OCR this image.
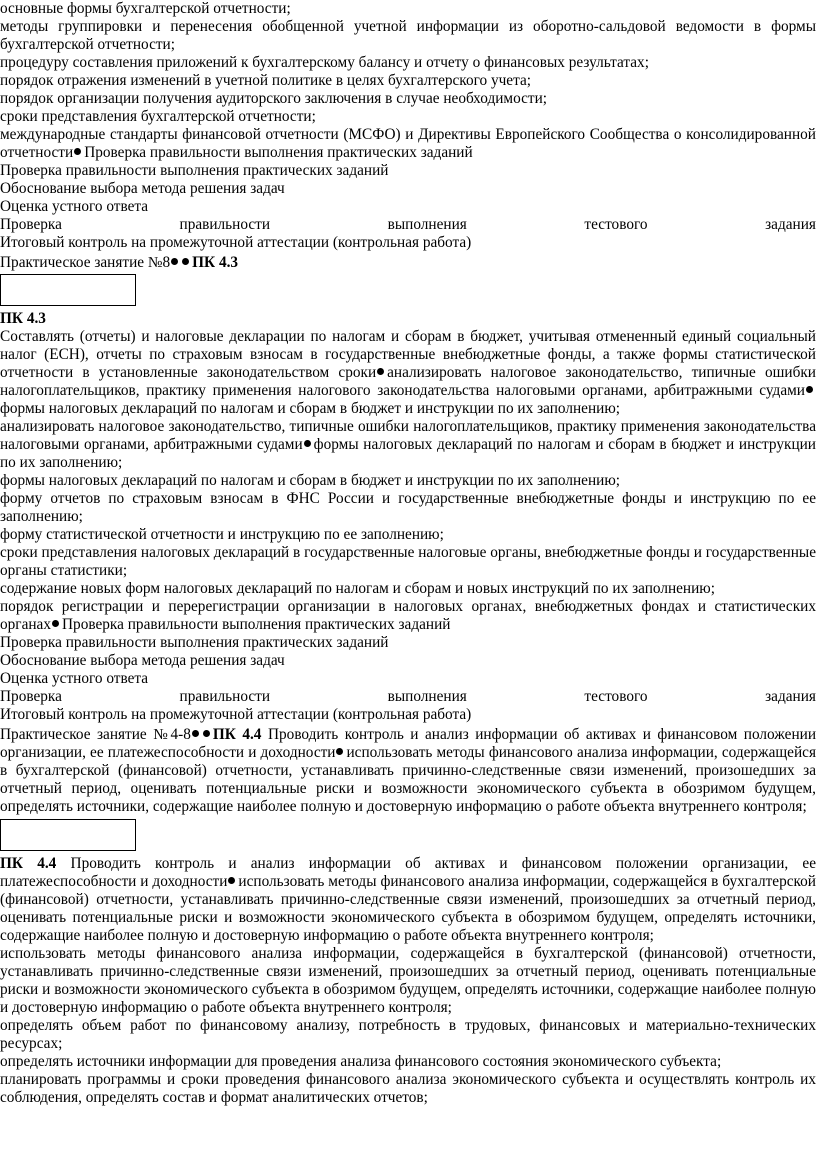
основные формы бухгалтерской отчетности;

методы группировки и перенесения обобщенной учетной информации из оборотно-сальдовой ведомости в формы бухгалтерской отчетности;

процедуру составления приложений к бухгалтерскому балансу и отчету о финансовых результатах;

порядок отражения изменений в учетной политике в целях бухгалтерского учета;

порядок организации получения аудиторского заключения в случае необходимости;

сроки представления бухгалтерской отчетности;

международные стандарты финансовой отчетности (МСФО) и Директивы Европейского Сообщества о консолидированной отчетности Проверка правильности выполнения практических заданий

Проверка правильности выполнения практических заданий

Обоснование выбора метода решения задач

Оценка устного ответа

Проверка	правильности	выполнения	тестового	задания

Итоговый контроль на промежуточной аттестации (контрольная работа)

Практическое занятие №8 ПК 4.3

ПК 4.3

Составлять (отчеты) и налоговые декларации по налогам и сборам в бюджет, учитывая отмененный единый социальный налог (ЕСН), отчеты по страховым взносам в государственные внебюджетные фонды, а также формы статистической отчетности в установленные законодательством сроки анализировать налоговое законодательство, типичные ошибки налогоплательщиков, практику применения налогового законодательства налоговыми органами, арбитражными судамиформы налоговых деклараций по налогам и сборам в бюджет и инструкции по их заполнению;

анализировать налоговое законодательство, типичные ошибки налогоплательщиков, практику применения законодательства налоговыми органами, арбитражными судами формы налоговых деклараций по налогам и сборам в бюджет и инструкции по их заполнению;

формы налоговых деклараций по налогам и сборам в бюджет и инструкции по их заполнению;

форму отчетов по страховым взносам в ФНС России и государственные внебюджетные фонды и инструкцию по ее заполнению;

форму статистической отчетности и инструкцию по ее заполнению;

сроки представления налоговых деклараций в государственные налоговые органы, внебюджетные фонды и государственные органы статистики;

содержание новых форм налоговых деклараций по налогам и сборам и новых инструкций по их заполнению;

порядок регистрации и перерегистрации организации в налоговых органах, внебюджетных фондах и статистических органах Проверка правильности выполнения практических заданий

Проверка правильности выполнения практических заданий

Обоснование выбора метода решения задач

Оценка устного ответа

Проверка	правильности	выполнения	тестового	задания

Итоговый контроль на промежуточной аттестации (контрольная работа)

Практическое занятие №4-8 ПК 4.4 Проводить контроль и анализ информации об активах и финансовом положении организации, ее платежеспособности и доходности использовать методы финансового анализа информации, содержащейся в бухгалтерской (финансовой) отчетности, устанавливать причинно-следственные связи изменений, произошедших за отчетный период, оценивать потенциальные риски и возможности экономического субъекта в обозримом будущем, определять источники, содержащие наиболее полную и достоверную информацию о работе объекта внутреннего контроля;

ПК 4.4 Проводить контроль и анализ информации об активах и финансовом положении организации, ее платежеспособности и доходности использовать методы финансового анализа информации, содержащейся в бухгалтерской (финансовой) отчетности, устанавливать причинно-следственные связи изменений, произошедших за отчетный период, оценивать потенциальные риски и возможности экономического субъекта в обозримом будущем, определять источники, содержащие наиболее полную и достоверную информацию о работе объекта внутреннего контроля;

использовать методы финансового анализа информации, содержащейся в бухгалтерской (финансовой) отчетности, устанавливать причинно-следственные связи изменений, произошедших за отчетный период, оценивать потенциальные риски и возможности экономического субъекта в обозримом будущем, определять источники, содержащие наиболее полную и достоверную информацию о работе объекта внутреннего контроля;

определять объем работ по финансовому анализу, потребность в трудовых, финансовых и материально-технических ресурсах;

определять источники информации для проведения анализа финансового состояния экономического субъекта;

планировать программы и сроки проведения финансового анализа экономического субъекта и осуществлять контроль их соблюдения, определять состав и формат аналитических отчетов;
